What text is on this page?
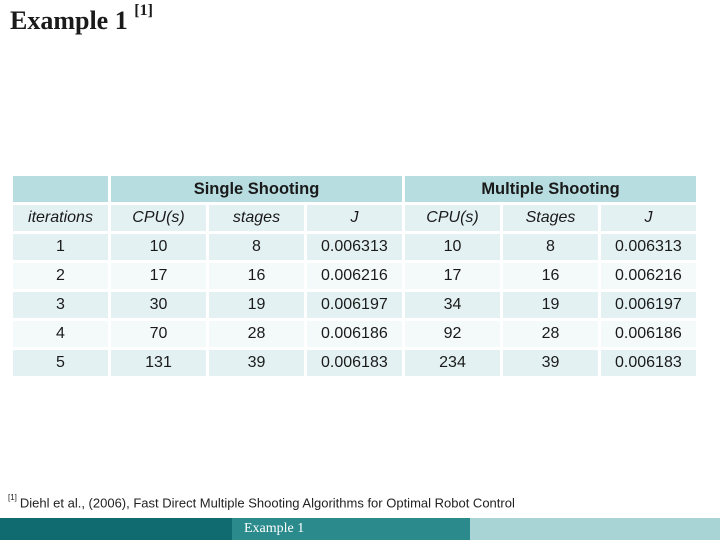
Example 1 [1]
	Single Shooting			Multiple Shooting		
iterations	CPU(s)	stages	J	CPU(s)	Stages	J
1	10	8	0.006313	10	8	0.006313
2	17	16	0.006216	17	16	0.006216
3	30	19	0.006197	34	19	0.006197
4	70	28	0.006186	92	28	0.006186
5	131	39	0.006183	234	39	0.006183
[1] Diehl et al., (2006), Fast Direct Multiple Shooting Algorithms for Optimal Robot Control
Example 1
